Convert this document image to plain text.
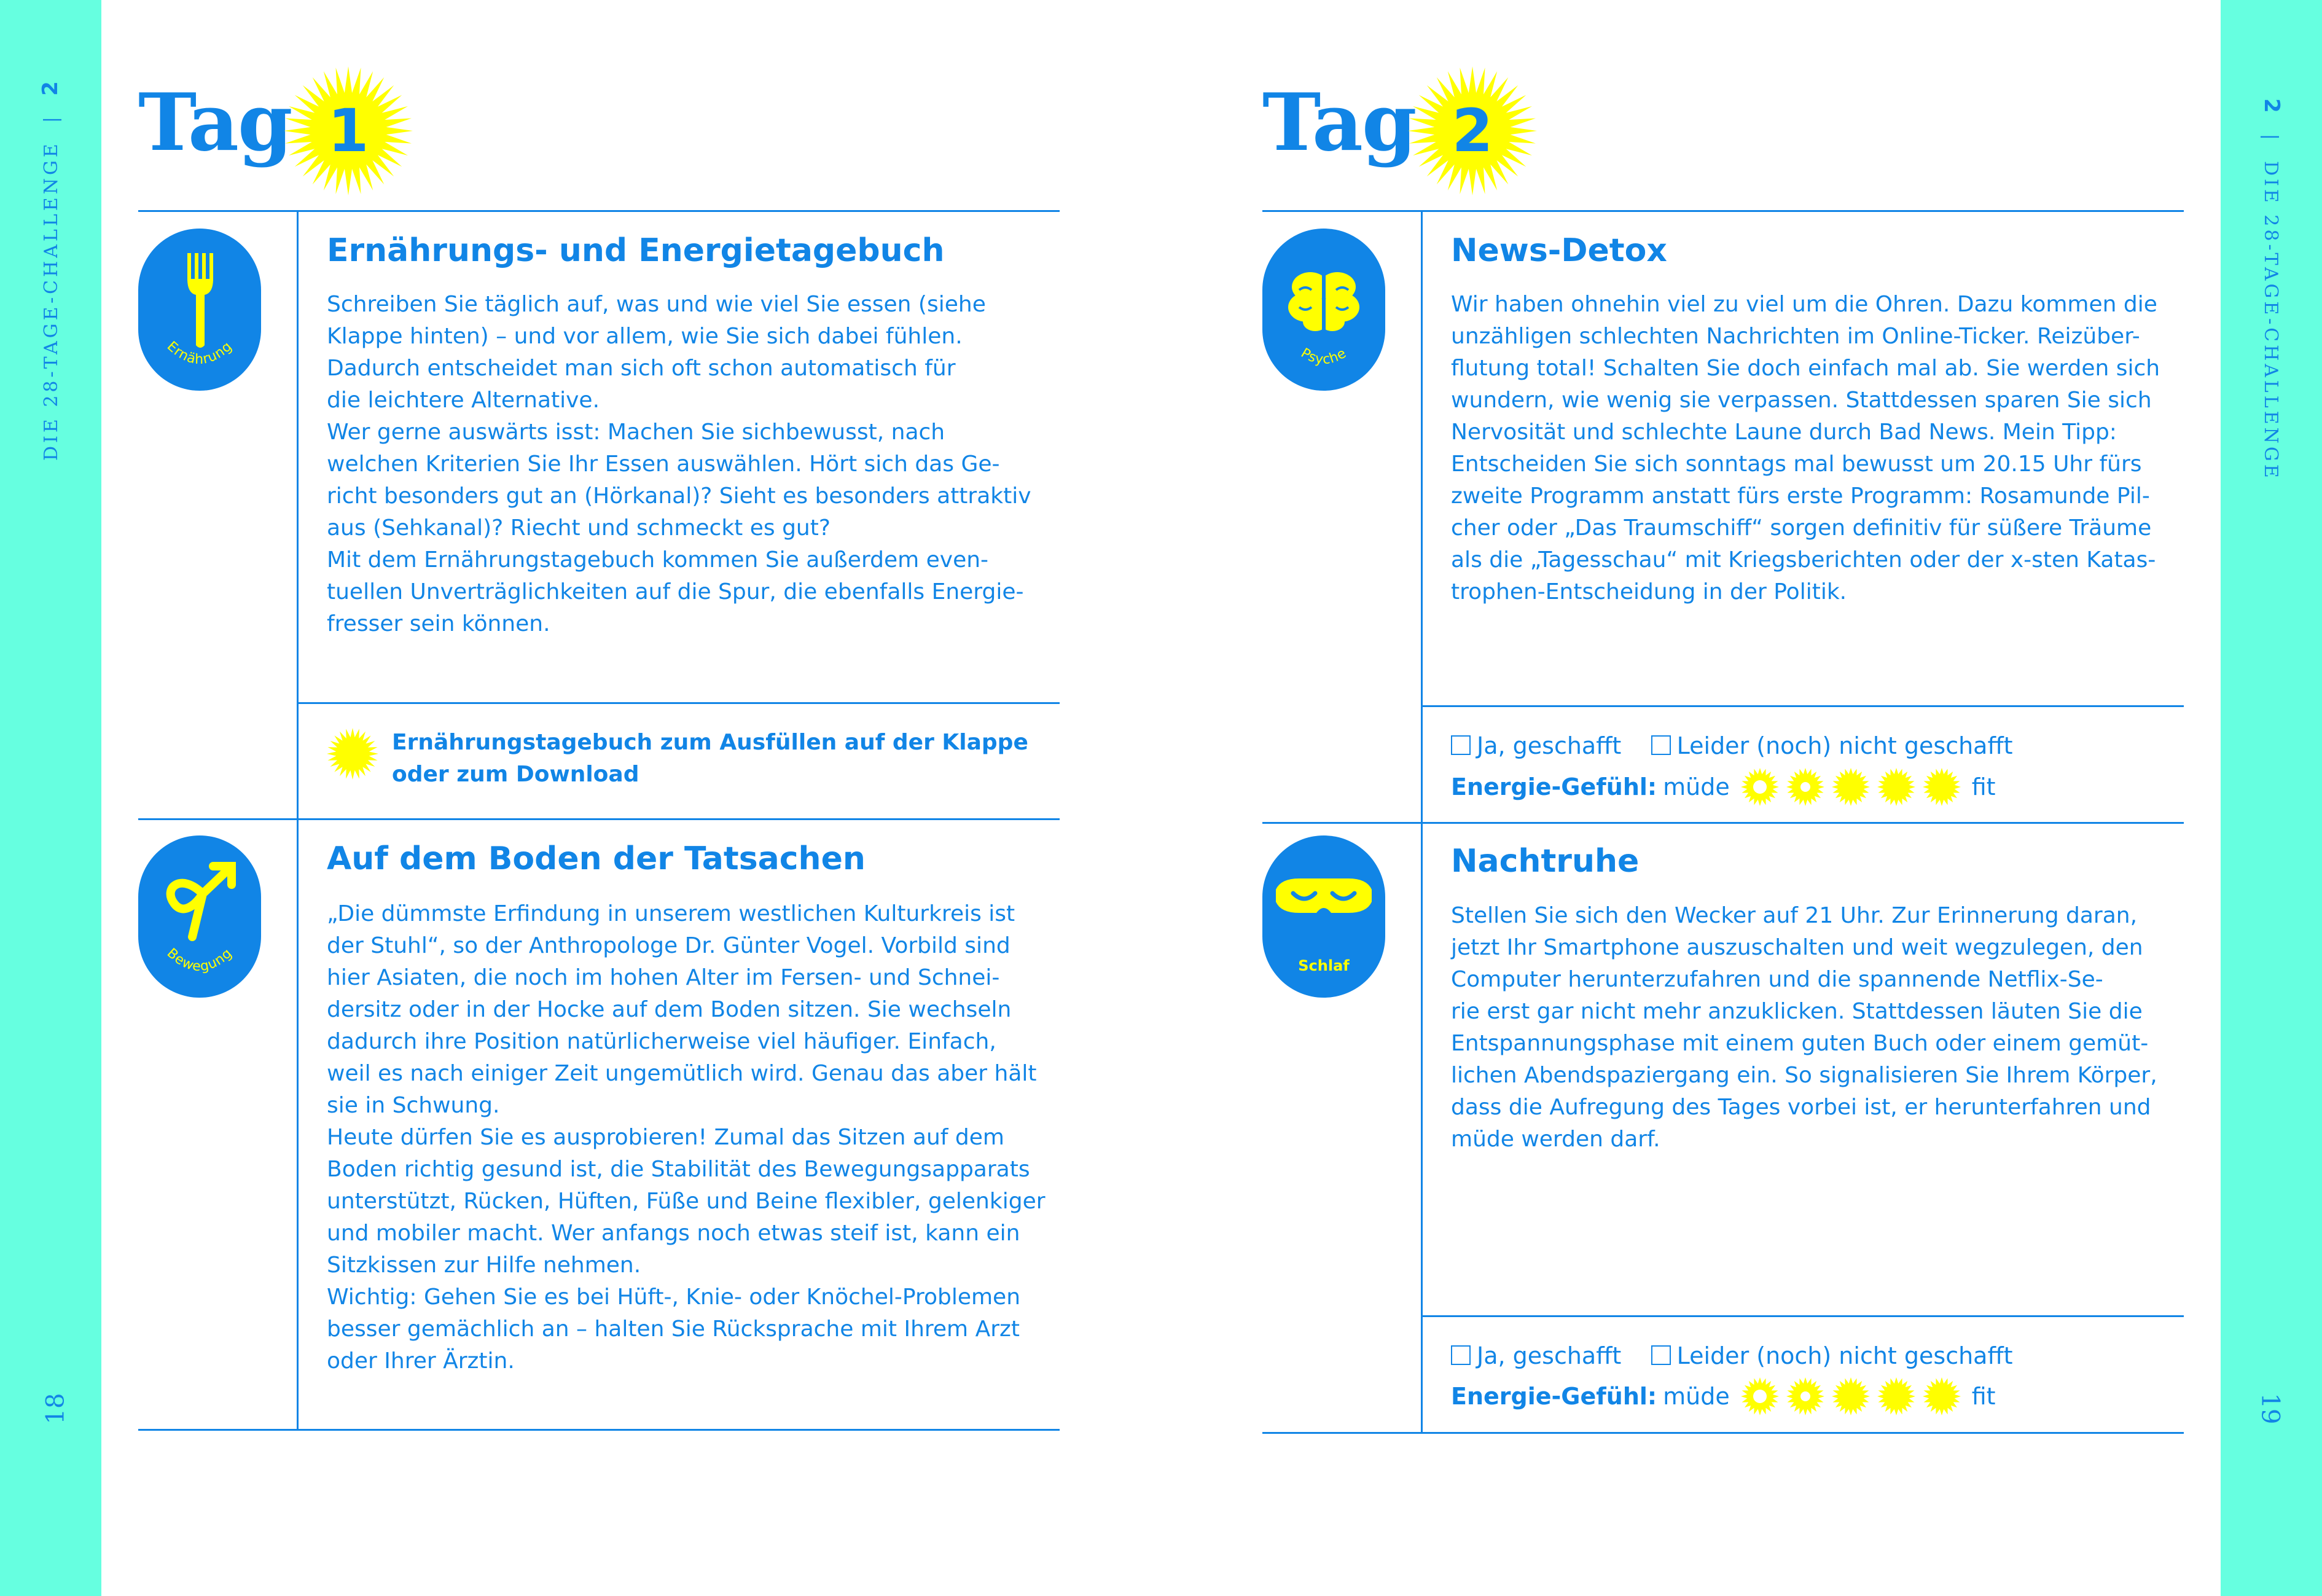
DIE 28-TAGE-CHALLENGE  |  2
2  |  DIE 28-TAGE-CHALLENGE
18	19
Tag 1
Ernährung
Ernährungs- und Energietagebuch
Schreiben Sie täglich auf, was und wie viel Sie essen (siehe
Klappe hinten) – und vor allem, wie Sie sich dabei fühlen.
Dadurch entscheidet man sich oft schon automatisch für
die leichtere Alternative.
Wer gerne auswärts isst: Machen Sie sichbewusst, nach
welchen Kriterien Sie Ihr Essen auswählen. Hört sich das Ge-
richt besonders gut an (Hörkanal)? Sieht es besonders attraktiv
aus (Sehkanal)? Riecht und schmeckt es gut?
Mit dem Ernährungstagebuch kommen Sie außerdem even-
tuellen Unverträglichkeiten auf die Spur, die ebenfalls Energie-
fresser sein können.
Ernährungstagebuch zum Ausfüllen auf der Klappe
oder zum Download
Bewegung
Auf dem Boden der Tatsachen
„Die dümmste Erfindung in unserem westlichen Kulturkreis ist
der Stuhl“, so der Anthropologe Dr. Günter Vogel. Vorbild sind
hier Asiaten, die noch im hohen Alter im Fersen- und Schnei-
dersitz oder in der Hocke auf dem Boden sitzen. Sie wechseln
dadurch ihre Position natürlicherweise viel häufiger. Einfach,
weil es nach einiger Zeit ungemütlich wird. Genau das aber hält
sie in Schwung.
Heute dürfen Sie es ausprobieren! Zumal das Sitzen auf dem
Boden richtig gesund ist, die Stabilität des Bewegungsapparats
unterstützt, Rücken, Hüften, Füße und Beine flexibler, gelenkiger
und mobiler macht. Wer anfangs noch etwas steif ist, kann ein
Sitzkissen zur Hilfe nehmen.
Wichtig: Gehen Sie es bei Hüft-, Knie- oder Knöchel-Problemen
besser gemächlich an – halten Sie Rücksprache mit Ihrem Arzt
oder Ihrer Ärztin.
Tag 2
Psyche
News-Detox
Wir haben ohnehin viel zu viel um die Ohren. Dazu kommen die
unzähligen schlechten Nachrichten im Online-Ticker. Reizüber-
flutung total! Schalten Sie doch einfach mal ab. Sie werden sich
wundern, wie wenig sie verpassen. Stattdessen sparen Sie sich
Nervosität und schlechte Laune durch Bad News. Mein Tipp:
Entscheiden Sie sich sonntags mal bewusst um 20.15 Uhr fürs
zweite Programm anstatt fürs erste Programm: Rosamunde Pil-
cher oder „Das Traumschiff“ sorgen definitiv für süßere Träume
als die „Tagesschau“ mit Kriegsberichten oder der x-sten Katas-
trophen-Entscheidung in der Politik.
Ja, geschafft Leider (noch) nicht geschafft
Energie-Gefühl: müde	fit
Schlaf
Nachtruhe
Stellen Sie sich den Wecker auf 21 Uhr. Zur Erinnerung daran,
jetzt Ihr Smartphone auszuschalten und weit wegzulegen, den
Computer herunterzufahren und die spannende Netflix-Se-
rie erst gar nicht mehr anzuklicken. Stattdessen läuten Sie die
Entspannungsphase mit einem guten Buch oder einem gemüt-
lichen Abendspaziergang ein. So signalisieren Sie Ihrem Körper,
dass die Aufregung des Tages vorbei ist, er herunterfahren und
müde werden darf.
Ja, geschafft Leider (noch) nicht geschafft
Energie-Gefühl: müde	fit
